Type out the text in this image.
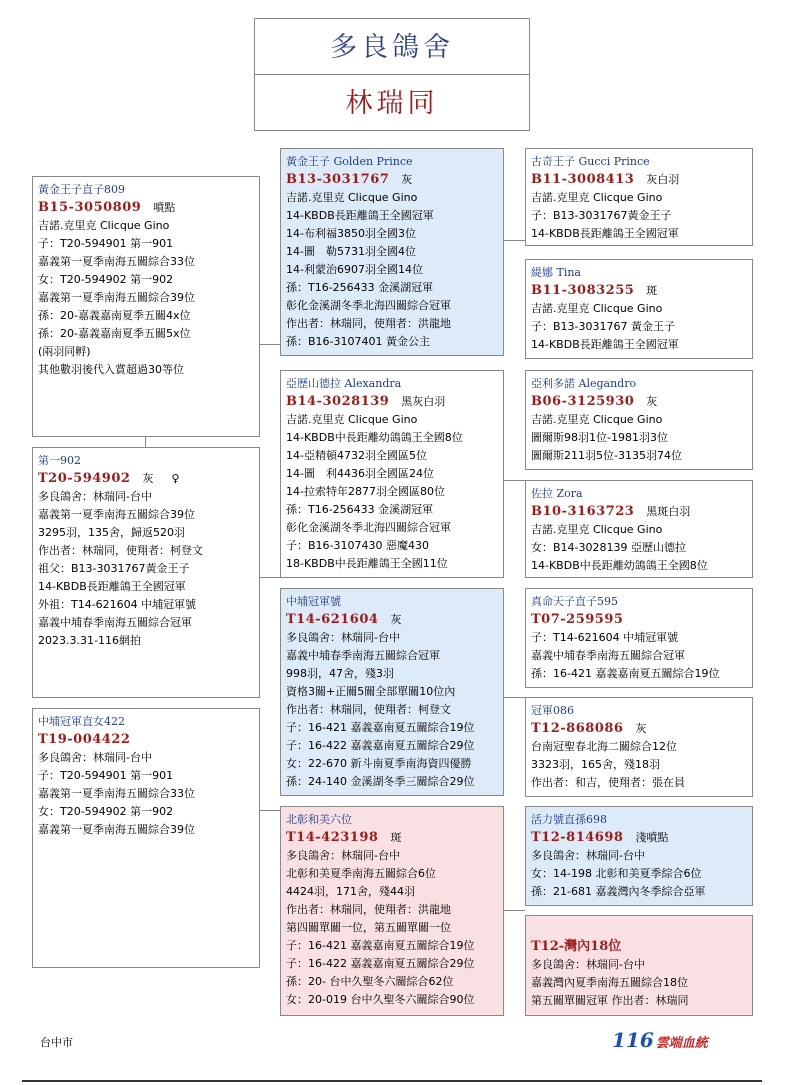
多良鴿舍
林瑞同
黃金王子直子809
B15-3050809 噴點
吉諾.克里克 Clicque Gino
子：T20-594901 第一901
嘉義第一夏季南海五關綜合33位
女：T20-594902 第一902
嘉義第一夏季南海五關綜合39位
孫：20-嘉義嘉南夏季五關4x位
孫：20-嘉義嘉南夏季五關5x位
(兩羽同孵)
其他數羽後代入賞超過30等位
黃金王子 Golden Prince
B13-3031767 灰
吉諾.克里克 Clicque Gino
14-KBDB長距離鴿王全國冠軍
14-布利福3850羽全國3位
14-圖　勒5731羽全國4位
14-利蒙治6907羽全國14位
孫：T16-256433 金溪湖冠軍
彰化金溪湖冬季北海四關綜合冠軍
作出者：林瑞同，使翔者：洪龍地
孫：B16-3107401 黃金公主
古奇王子 Gucci Prince
B11-3008413 灰白羽
吉諾.克里克 Clicque Gino
子：B13-3031767黃金王子
14-KBDB長距離鴿王全國冠軍
緹娜 Tina
B11-3083255 斑
吉諾.克里克 Clicque Gino
子：B13-3031767 黃金王子
14-KBDB長距離鴿王全國冠軍
亞歷山德拉 Alexandra
B14-3028139 黑灰白羽
吉諾.克里克 Clicque Gino
14-KBDB中長距離幼鴿鴿王全國8位
14-亞精頓4732羽全國區5位
14-圖　利4436羽全國區24位
14-拉索特年2877羽全國區80位
孫：T16-256433 金溪湖冠軍
彰化金溪湖冬季北海四關綜合冠軍
子：B16-3107430 惡魔430
18-KBDB中長距離鴿王全國11位
亞利多諾 Alegandro
B06-3125930 灰
吉諾.克里克 Clicque Gino
圖爾斯98羽1位-1981羽3位
圖爾斯211羽5位-3135羽74位
佐拉 Zora
B10-3163723 黑斑白羽
吉諾.克里克 Clicque Gino
女：B14-3028139 亞歷山德拉
14-KBDB中長距離幼鴿鴿王全國8位
第一902
T20-594902 灰 ♀
多良鴿舍：林瑞同-台中
嘉義第一夏季南海五關綜合39位
3295羽，135舍，歸返520羽
作出者：林瑞同，使翔者：柯登文
祖父：B13-3031767黃金王子
14-KBDB長距離鴿王全國冠軍
外祖：T14-621604 中埔冠軍號
嘉義中埔春季南海五關綜合冠軍
2023.3.31-116網拍
中埔冠軍直女422
T19-004422
多良鴿舍：林瑞同-台中
子：T20-594901 第一901
嘉義第一夏季南海五關綜合33位
女：T20-594902 第一902
嘉義第一夏季南海五關綜合39位
中埔冠軍號
T14-621604 灰
多良鴿舍：林瑞同-台中
嘉義中埔春季南海五關綜合冠軍
998羽，47舍，殘3羽
資格3關+正關5關全部單關10位內
作出者：林瑞同，使翔者：柯登文
子：16-421 嘉義嘉南夏五關綜合19位
子：16-422 嘉義嘉南夏五關綜合29位
女：22-670 新斗南夏季南海資四優勝
孫：24-140 金溪湖冬季三關綜合29位
真命天子直子595
T07-259595
子：T14-621604 中埔冠軍號
嘉義中埔春季南海五關綜合冠軍
孫：16-421 嘉義嘉南夏五關綜合19位
冠軍086
T12-868086 灰
台南冠聖春北海二關綜合12位
3323羽，165舍，殘18羽
作出者：和吉，使翔者：張在員
北彰和美六位
T14-423198 斑
多良鴿舍：林瑞同-台中
北彰和美夏季南海五關綜合6位
4424羽，171舍，殘44羽
作出者：林瑞同，使翔者：洪龍地
第四關單關一位，第五關單關一位
子：16-421 嘉義嘉南夏五關綜合19位
子：16-422 嘉義嘉南夏五關綜合29位
孫：20- 台中久聖冬六關綜合62位
女：20-019 台中久聖冬六關綜合90位
活力號直孫698
T12-814698 淺噴點
多良鴿舍：林瑞同-台中
女：14-198 北彰和美夏季綜合6位
孫：21-681 嘉義灣內冬季綜合亞軍
T12-灣內18位
多良鴿舍：林瑞同-台中
嘉義灣內夏季南海五關綜合18位
第五關單關冠軍 作出者：林瑞同
台中市	116 雲端血統
